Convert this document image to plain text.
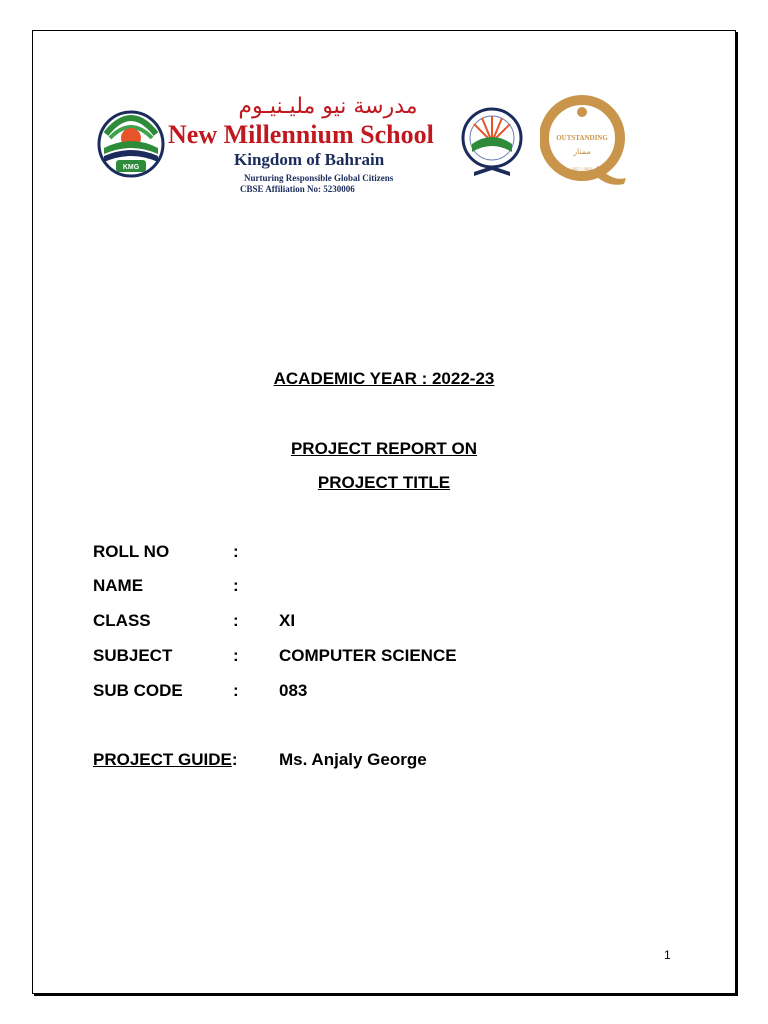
KMG
مدرسة نيو مليـنيـوم
New Millennium School
Kingdom of Bahrain
Nurturing Responsible Global Citizens
CBSE Affiliation No: 5230006
OUTSTANDING
ممتاز
2017 | 2021
ACADEMIC YEAR : 2022-23
PROJECT REPORT ON
PROJECT TITLE
ROLL NO	:
NAME	:
CLASS	: XI
SUBJECT	: COMPUTER SCIENCE
SUB CODE	: 083
PROJECT GUIDE: Ms. Anjaly George
1
